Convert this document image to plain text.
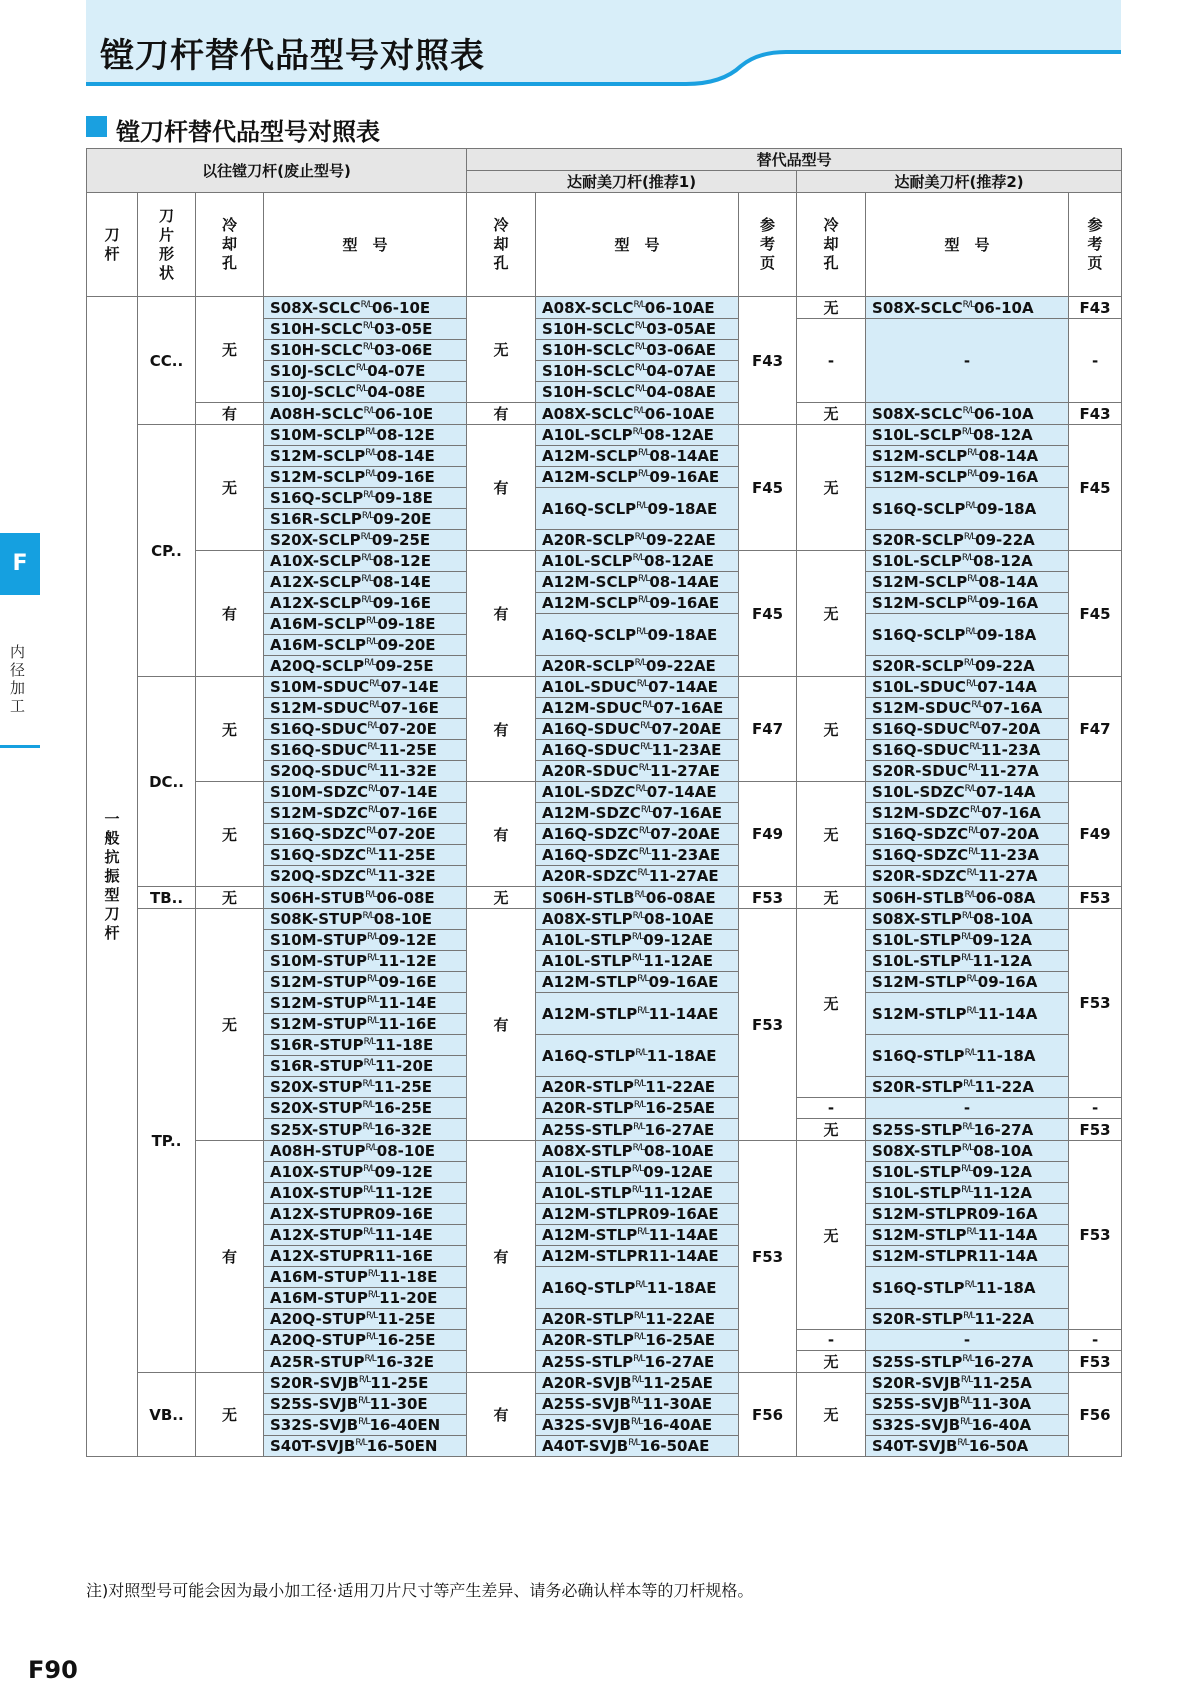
镗刀杆替代品型号对照表
镗刀杆替代品型号对照表
F
内径加工
以往镗刀杆(废止型号)				替代品型号					
				达耐美刀杆(推荐1)			达耐美刀杆(推荐2)		
刀杆	刀片形状	冷却孔	型　号	冷却孔	型　号	参考页	冷却孔	型　号	参考页
一般抗振型刀杆	CC..	无	$S08X-SCLC^{R/L}06-10E$	无	$A08X-SCLC^{R/L}06-10AE$	F43	无	$S08X-SCLC^{R/L}06-10A$	F43
			$S10H-SCLC^{R/L}03-05E$		$S10H-SCLC^{R/L}03-05AE$		-	-	-
			$S10H-SCLC^{R/L}03-06E$		$S10H-SCLC^{R/L}03-06AE$				
			$S10J-SCLC^{R/L}04-07E$		$S10H-SCLC^{R/L}04-07AE$				
			$S10J-SCLC^{R/L}04-08E$		$S10H-SCLC^{R/L}04-08AE$				
		有	$A08H-SCLC^{R/L}06-10E$	有	$A08X-SCLC^{R/L}06-10AE$		无	$S08X-SCLC^{R/L}06-10A$	F43
	CP..	无	$S10M-SCLP^{R/L}08-12E$	有	$A10L-SCLP^{R/L}08-12AE$	F45	无	$S10L-SCLP^{R/L}08-12A$	F45
			$S12M-SCLP^{R/L}08-14E$		$A12M-SCLP^{R/L}08-14AE$			$S12M-SCLP^{R/L}08-14A$	
			$S12M-SCLP^{R/L}09-16E$		$A12M-SCLP^{R/L}09-16AE$			$S12M-SCLP^{R/L}09-16A$	
			$S16Q-SCLP^{R/L}09-18E$		$A16Q-SCLP^{R/L}09-18AE$			$S16Q-SCLP^{R/L}09-18A$	
			$S16R-SCLP^{R/L}09-20E$						
			$S20X-SCLP^{R/L}09-25E$		$A20R-SCLP^{R/L}09-22AE$			$S20R-SCLP^{R/L}09-22A$	
		有	$A10X-SCLP^{R/L}08-12E$	有	$A10L-SCLP^{R/L}08-12AE$	F45	无	$S10L-SCLP^{R/L}08-12A$	F45
			$A12X-SCLP^{R/L}08-14E$		$A12M-SCLP^{R/L}08-14AE$			$S12M-SCLP^{R/L}08-14A$	
			$A12X-SCLP^{R/L}09-16E$		$A12M-SCLP^{R/L}09-16AE$			$S12M-SCLP^{R/L}09-16A$	
			$A16M-SCLP^{R/L}09-18E$		$A16Q-SCLP^{R/L}09-18AE$			$S16Q-SCLP^{R/L}09-18A$	
			$A16M-SCLP^{R/L}09-20E$						
			$A20Q-SCLP^{R/L}09-25E$		$A20R-SCLP^{R/L}09-22AE$			$S20R-SCLP^{R/L}09-22A$	
	DC..	无	$S10M-SDUC^{R/L}07-14E$	有	$A10L-SDUC^{R/L}07-14AE$	F47	无	$S10L-SDUC^{R/L}07-14A$	F47
			$S12M-SDUC^{R/L}07-16E$		$A12M-SDUC^{R/L}07-16AE$			$S12M-SDUC^{R/L}07-16A$	
			$S16Q-SDUC^{R/L}07-20E$		$A16Q-SDUC^{R/L}07-20AE$			$S16Q-SDUC^{R/L}07-20A$	
			$S16Q-SDUC^{R/L}11-25E$		$A16Q-SDUC^{R/L}11-23AE$			$S16Q-SDUC^{R/L}11-23A$	
			$S20Q-SDUC^{R/L}11-32E$		$A20R-SDUC^{R/L}11-27AE$			$S20R-SDUC^{R/L}11-27A$	
		无	$S10M-SDZC^{R/L}07-14E$	有	$A10L-SDZC^{R/L}07-14AE$	F49	无	$S10L-SDZC^{R/L}07-14A$	F49
			$S12M-SDZC^{R/L}07-16E$		$A12M-SDZC^{R/L}07-16AE$			$S12M-SDZC^{R/L}07-16A$	
			$S16Q-SDZC^{R/L}07-20E$		$A16Q-SDZC^{R/L}07-20AE$			$S16Q-SDZC^{R/L}07-20A$	
			$S16Q-SDZC^{R/L}11-25E$		$A16Q-SDZC^{R/L}11-23AE$			$S16Q-SDZC^{R/L}11-23A$	
			$S20Q-SDZC^{R/L}11-32E$		$A20R-SDZC^{R/L}11-27AE$			$S20R-SDZC^{R/L}11-27A$	
	TB..	无	$S06H-STUB^{R/L}06-08E$	无	$S06H-STLB^{R/L}06-08AE$	F53	无	$S06H-STLB^{R/L}06-08A$	F53
	TP..	无	$S08K-STUP^{R/L}08-10E$	有	$A08X-STLP^{R/L}08-10AE$	F53	无	$S08X-STLP^{R/L}08-10A$	F53
			$S10M-STUP^{R/L}09-12E$		$A10L-STLP^{R/L}09-12AE$			$S10L-STLP^{R/L}09-12A$	
			$S10M-STUP^{R/L}11-12E$		$A10L-STLP^{R/L}11-12AE$			$S10L-STLP^{R/L}11-12A$	
			$S12M-STUP^{R/L}09-16E$		$A12M-STLP^{R/L}09-16AE$			$S12M-STLP^{R/L}09-16A$	
			$S12M-STUP^{R/L}11-14E$		$A12M-STLP^{R/L}11-14AE$			$S12M-STLP^{R/L}11-14A$	
			$S12M-STUP^{R/L}11-16E$						
			$S16R-STUP^{R/L}11-18E$		$A16Q-STLP^{R/L}11-18AE$			$S16Q-STLP^{R/L}11-18A$	
			$S16R-STUP^{R/L}11-20E$						
			$S20X-STUP^{R/L}11-25E$		$A20R-STLP^{R/L}11-22AE$			$S20R-STLP^{R/L}11-22A$	
			$S20X-STUP^{R/L}16-25E$		$A20R-STLP^{R/L}16-25AE$		-	-	-
			$S25X-STUP^{R/L}16-32E$		$A25S-STLP^{R/L}16-27AE$		无	$S25S-STLP^{R/L}16-27A$	F53
		有	$A08H-STUP^{R/L}08-10E$	有	$A08X-STLP^{R/L}08-10AE$	F53	无	$S08X-STLP^{R/L}08-10A$	F53
			$A10X-STUP^{R/L}09-12E$		$A10L-STLP^{R/L}09-12AE$			$S10L-STLP^{R/L}09-12A$	
			$A10X-STUP^{R/L}11-12E$		$A10L-STLP^{R/L}11-12AE$			$S10L-STLP^{R/L}11-12A$	
			A12X-STUPR09-16E		A12M-STLPR09-16AE			S12M-STLPR09-16A	
			$A12X-STUP^{R/L}11-14E$		$A12M-STLP^{R/L}11-14AE$			$S12M-STLP^{R/L}11-14A$	
			A12X-STUPR11-16E		A12M-STLPR11-14AE			S12M-STLPR11-14A	
			$A16M-STUP^{R/L}11-18E$		$A16Q-STLP^{R/L}11-18AE$			$S16Q-STLP^{R/L}11-18A$	
			$A16M-STUP^{R/L}11-20E$						
			$A20Q-STUP^{R/L}11-25E$		$A20R-STLP^{R/L}11-22AE$			$S20R-STLP^{R/L}11-22A$	
			$A20Q-STUP^{R/L}16-25E$		$A20R-STLP^{R/L}16-25AE$		-	-	-
			$A25R-STUP^{R/L}16-32E$		$A25S-STLP^{R/L}16-27AE$		无	$S25S-STLP^{R/L}16-27A$	F53
	VB..	无	$S20R-SVJB^{R/L}11-25E$	有	$A20R-SVJB^{R/L}11-25AE$	F56	无	$S20R-SVJB^{R/L}11-25A$	F56
			$S25S-SVJB^{R/L}11-30E$		$A25S-SVJB^{R/L}11-30AE$			$S25S-SVJB^{R/L}11-30A$	
			$S32S-SVJB^{R/L}16-40EN$		$A32S-SVJB^{R/L}16-40AE$			$S32S-SVJB^{R/L}16-40A$	
			$S40T-SVJB^{R/L}16-50EN$		$A40T-SVJB^{R/L}16-50AE$			$S40T-SVJB^{R/L}16-50A$	
注)对照型号可能会因为最小加工径·适用刀片尺寸等产生差异、请务必确认样本等的刀杆规格。
F90
